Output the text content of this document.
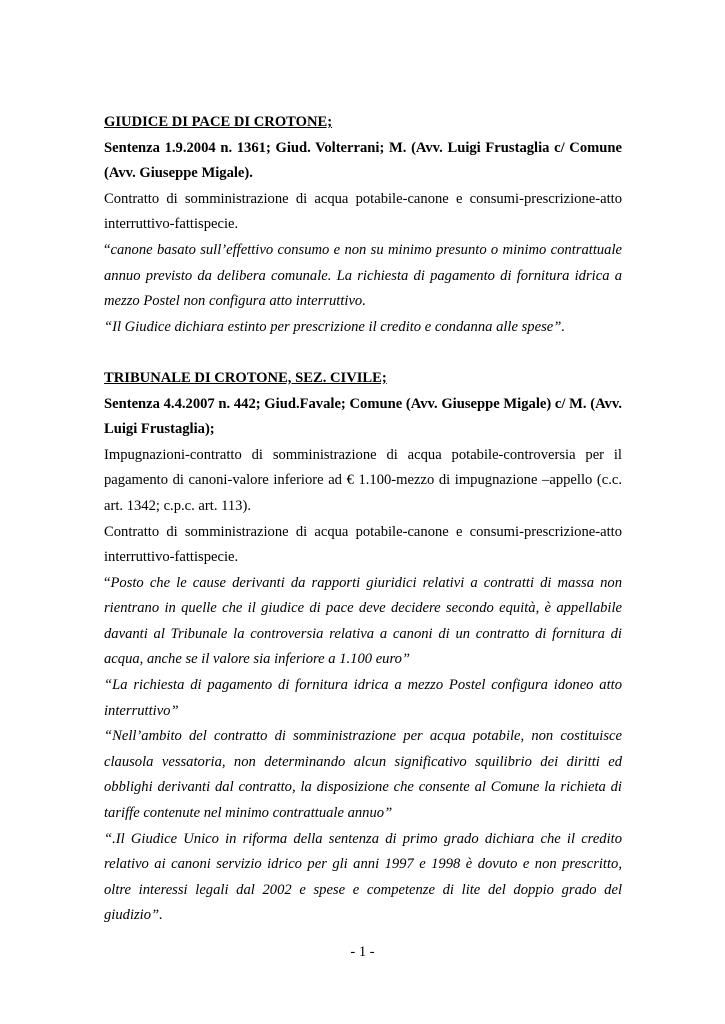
GIUDICE DI PACE DI CROTONE;

Sentenza 1.9.2004 n. 1361; Giud. Volterrani; M. (Avv. Luigi Frustaglia c/ Comune (Avv. Giuseppe Migale).

Contratto di somministrazione di acqua potabile-canone e consumi-prescrizione-atto interruttivo-fattispecie.

“canone basato sull’effettivo consumo e non su minimo presunto o minimo contrattuale annuo previsto da delibera comunale. La richiesta di pagamento di fornitura idrica a mezzo Postel non configura atto interruttivo.

“Il Giudice dichiara estinto per prescrizione il credito e condanna alle spese”.

TRIBUNALE DI CROTONE, SEZ. CIVILE;

Sentenza 4.4.2007 n. 442; Giud.Favale; Comune (Avv. Giuseppe Migale) c/ M. (Avv. Luigi Frustaglia);

Impugnazioni-contratto di somministrazione di acqua potabile-controversia per il pagamento di canoni-valore inferiore ad € 1.100-mezzo di impugnazione –appello (c.c. art. 1342; c.p.c. art. 113).

Contratto di somministrazione di acqua potabile-canone e consumi-prescrizione-atto interruttivo-fattispecie.

“Posto che le cause derivanti da rapporti giuridici relativi a contratti di massa non rientrano in quelle che il giudice di pace deve decidere secondo equità, è appellabile davanti al Tribunale la controversia relativa a canoni di un contratto di fornitura di acqua, anche se il valore sia inferiore a 1.100 euro”

“La richiesta di pagamento di fornitura idrica a mezzo Postel configura idoneo atto interruttivo”

“Nell’ambito del contratto di somministrazione per acqua potabile, non costituisce clausola vessatoria, non determinando alcun significativo squilibrio dei diritti ed obblighi derivanti dal contratto, la disposizione che consente al Comune la richieta di tariffe contenute nel minimo contrattuale annuo”

“.Il Giudice Unico in riforma della sentenza di primo grado dichiara che il credito relativo ai canoni servizio idrico per gli anni 1997 e 1998 è dovuto e non prescritto, oltre interessi legali dal 2002 e spese e competenze di lite del doppio grado del giudizio”.

- 1 -
